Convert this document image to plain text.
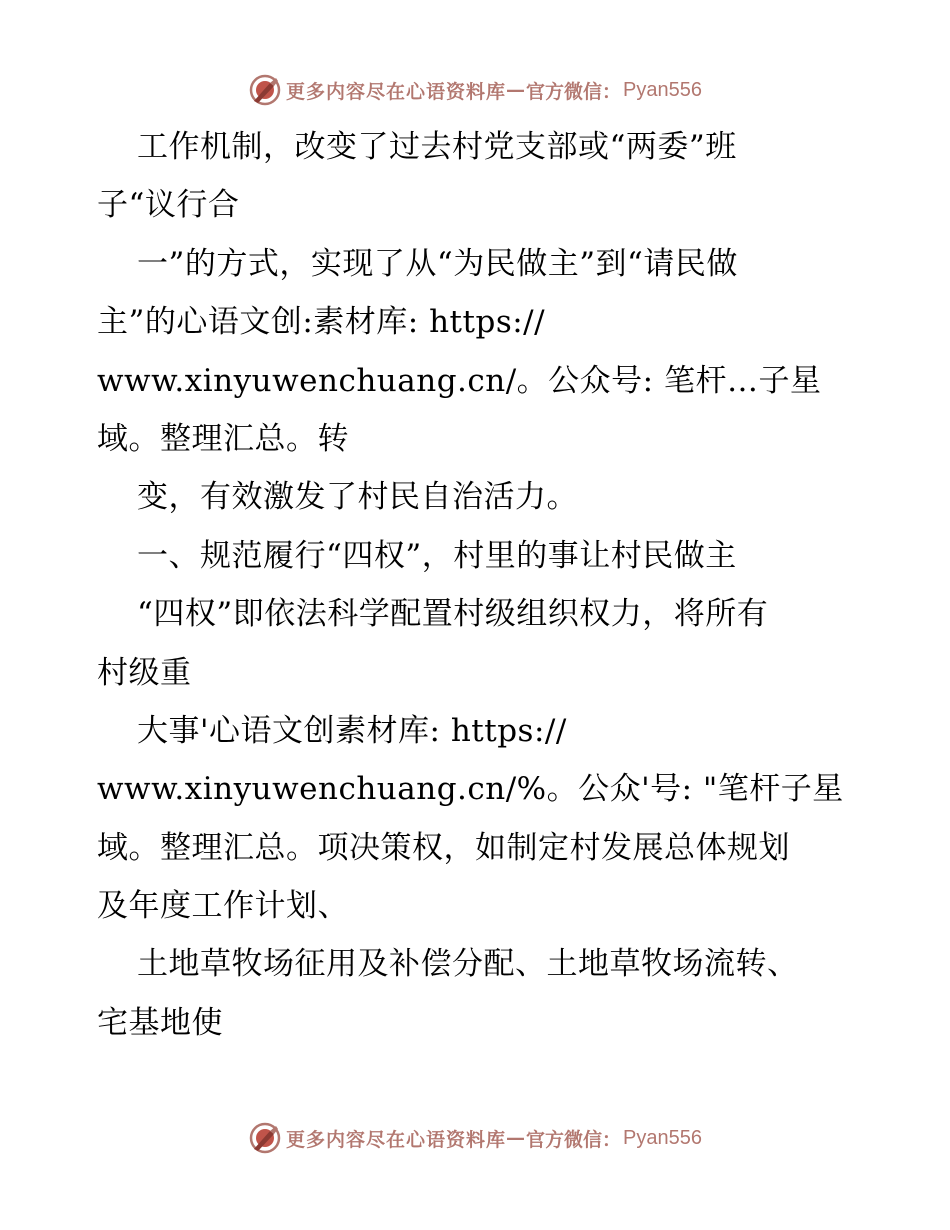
更多内容尽在心语资料库 — 官方微信： Pyan556
工作机制，改变了过去村党支部或“两委”班
子“议行合
一”的方式，实现了从“为民做主”到“请民做
主”的心语文创:素材库: https://
www.xinyuwenchuang.cn/。公众号: 笔杆…子星
域。整理汇总。转
变，有效激发了村民自治活力。
一、规范履行“四权”，村里的事让村民做主
“四权”即依法科学配置村级组织权力，将所有
村级重
大事'心语文创素材库: https://
www.xinyuwenchuang.cn/%。公众'号: "笔杆子星
域。整理汇总。项决策权，如制定村发展总体规划
及年度工作计划、
土地草牧场征用及补偿分配、土地草牧场流转、
宅基地使
更多内容尽在心语资料库 — 官方微信： Pyan556
